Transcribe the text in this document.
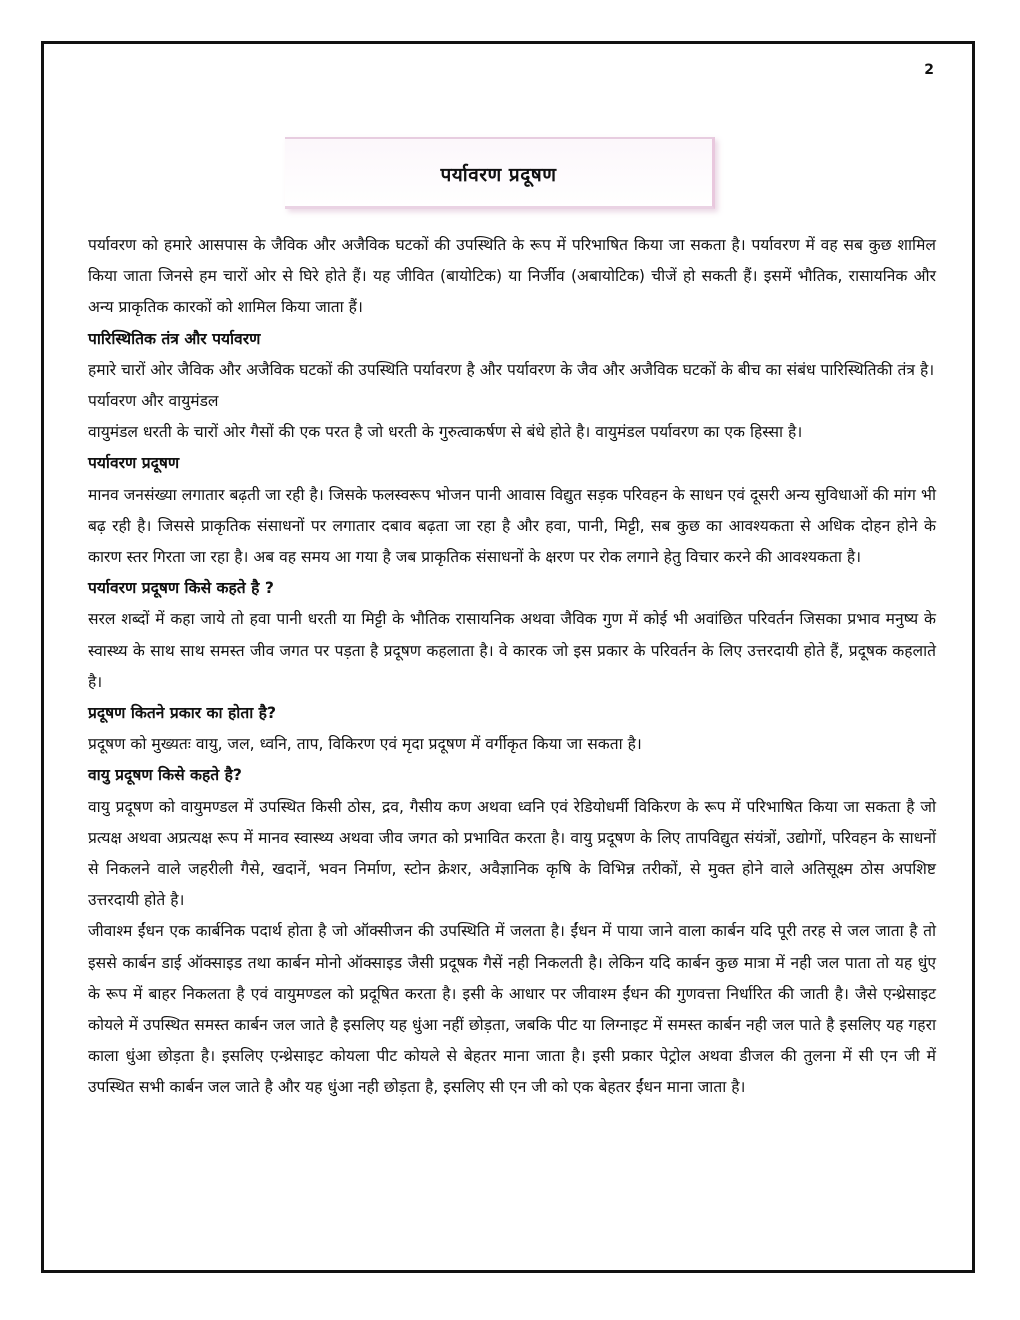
2
पर्यावरण प्रदूषण

पर्यावरण को हमारे आसपास के जैविक और अजैविक घटकों की उपस्थिति के रूप में परिभाषित किया जा सकता है। पर्यावरण में वह सब कुछ शामिल किया जाता जिनसे हम चारों ओर से घिरे होते हैं। यह जीवित (बायोटिक) या निर्जीव (अबायोटिक) चीजें हो सकती हैं। इसमें भौतिक, रासायनिक और अन्य प्राकृतिक कारकों को शामिल किया जाता हैं।

पारिस्थितिक तंत्र और पर्यावरण

हमारे चारों ओर जैविक और अजैविक घटकों की उपस्थिति पर्यावरण है और पर्यावरण के जैव और अजैविक घटकों के बीच का संबंध पारिस्थितिकी तंत्र है।

पर्यावरण और वायुमंडल

वायुमंडल धरती के चारों ओर गैसों की एक परत है जो धरती के गुरुत्वाकर्षण से बंधे होते है। वायुमंडल पर्यावरण का एक हिस्सा है।

पर्यावरण प्रदूषण

मानव जनसंख्या लगातार बढ़ती जा रही है। जिसके फलस्वरूप भोजन पानी आवास विद्युत सड़क परिवहन के साधन एवं दूसरी अन्य सुविधाओं की मांग भी बढ़ रही है। जिससे प्राकृतिक संसाधनों पर लगातार दबाव बढ़ता जा रहा है और हवा, पानी, मिट्टी, सब कुछ का आवश्यकता से अधिक दोहन होने के कारण स्तर गिरता जा रहा है। अब वह समय आ गया है जब प्राकृतिक संसाधनों के क्षरण पर रोक लगाने हेतु विचार करने की आवश्यकता है।

पर्यावरण प्रदूषण किसे कहते है ?

सरल शब्दों में कहा जाये तो हवा पानी धरती या मिट्टी के भौतिक रासायनिक अथवा जैविक गुण में कोई भी अवांछित परिवर्तन जिसका प्रभाव मनुष्य के स्वास्थ्य के साथ साथ समस्त जीव जगत पर पड़ता है प्रदूषण कहलाता है। वे कारक जो इस प्रकार के परिवर्तन के लिए उत्तरदायी होते हैं, प्रदूषक कहलाते है।

प्रदूषण कितने प्रकार का होता है?

प्रदूषण को मुख्यतः वायु, जल, ध्वनि, ताप, विकिरण एवं मृदा प्रदूषण में वर्गीकृत किया जा सकता है।

वायु प्रदूषण किसे कहते है?

वायु प्रदूषण को वायुमण्डल में उपस्थित किसी ठोस, द्रव, गैसीय कण अथवा ध्वनि एवं रेडियोधर्मी विकिरण के रूप में परिभाषित किया जा सकता है जो प्रत्यक्ष अथवा अप्रत्यक्ष रूप में मानव स्वास्थ्य अथवा जीव जगत को प्रभावित करता है। वायु प्रदूषण के लिए तापविद्युत संयंत्रों, उद्योगों, परिवहन के साधनों से निकलने वाले जहरीली गैसे, खदानें, भवन निर्माण, स्टोन क्रेशर, अवैज्ञानिक कृषि के विभिन्न तरीकों, से मुक्त होने वाले अतिसूक्ष्म ठोस अपशिष्ट उत्तरदायी होते है।

जीवाश्म ईंधन एक कार्बनिक पदार्थ होता है जो ऑक्सीजन की उपस्थिति में जलता है। ईंधन में पाया जाने वाला कार्बन यदि पूरी तरह से जल जाता है तो इससे कार्बन डाई ऑक्साइड तथा कार्बन मोनो ऑक्साइड जैसी प्रदूषक गैसें नही निकलती है। लेकिन यदि कार्बन कुछ मात्रा में नही जल पाता तो यह धुंए के रूप में बाहर निकलता है एवं वायुमण्डल को प्रदूषित करता है। इसी के आधार पर जीवाश्म ईंधन की गुणवत्ता निर्धारित की जाती है। जैसे एन्थ्रेसाइट कोयले में उपस्थित समस्त कार्बन जल जाते है इसलिए यह धुंआ नहीं छोड़ता, जबकि पीट या लिग्नाइट में समस्त कार्बन नही जल पाते है इसलिए यह गहरा काला धुंआ छोड़ता है। इसलिए एन्थ्रेसाइट कोयला पीट कोयले से बेहतर माना जाता है। इसी प्रकार पेट्रोल अथवा डीजल की तुलना में सी एन जी में उपस्थित सभी कार्बन जल जाते है और यह धुंआ नही छोड़ता है, इसलिए सी एन जी को एक बेहतर ईंधन माना जाता है।
